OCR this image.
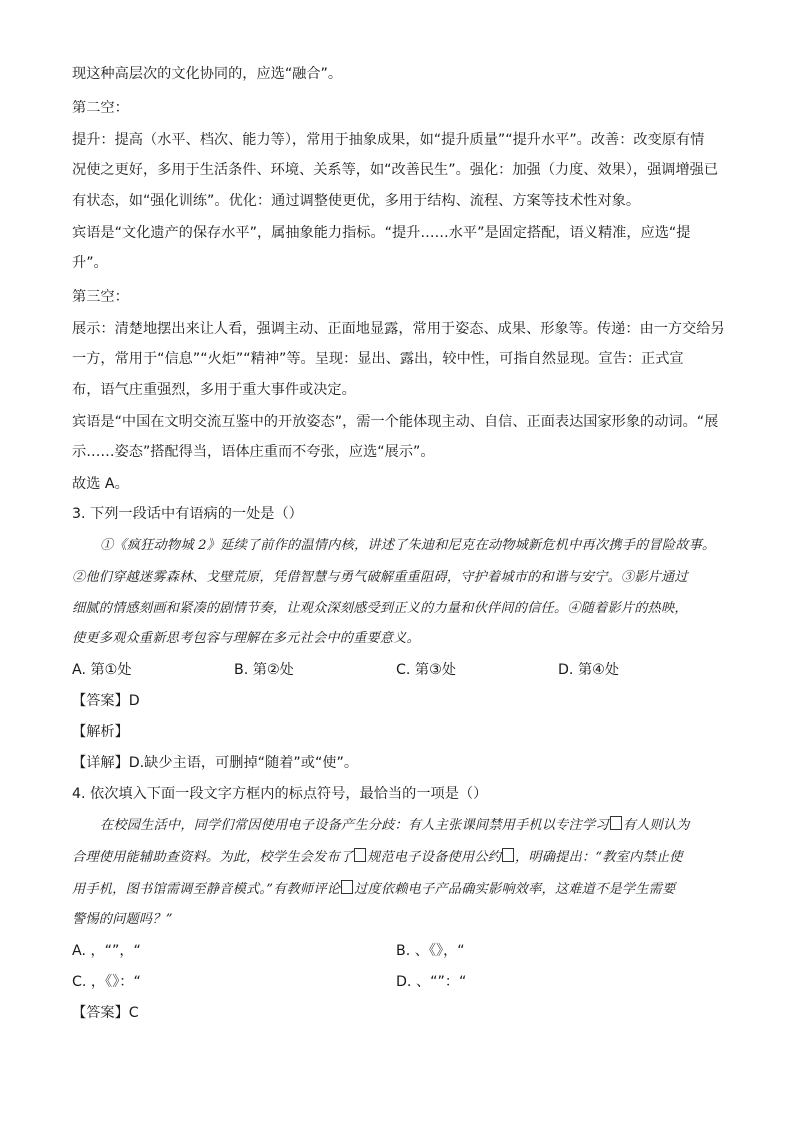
现这种高层次的文化协同的，应选“融合”。
第二空：
提升：提高（水平、档次、能力等），常用于抽象成果，如“提升质量”“提升水平”。改善：改变原有情
况使之更好，多用于生活条件、环境、关系等，如“改善民生”。强化：加强（力度、效果），强调增强已
有状态，如“强化训练”。优化：通过调整使更优，多用于结构、流程、方案等技术性对象。
宾语是“文化遗产的保存水平”，属抽象能力指标。“提升……水平”是固定搭配，语义精准，应选“提
升”。
第三空：
展示：清楚地摆出来让人看，强调主动、正面地显露，常用于姿态、成果、形象等。传递：由一方交给另
一方，常用于“信息”“火炬”“精神”等。呈现：显出、露出，较中性，可指自然显现。宣告：正式宣
布，语气庄重强烈，多用于重大事件或决定。
宾语是“中国在文明交流互鉴中的开放姿态”，需一个能体现主动、自信、正面表达国家形象的动词。“展
示……姿态”搭配得当，语体庄重而不夸张，应选“展示”。
故选 A。
3. 下列一段话中有语病的一处是（）
①《疯狂动物城 2》延续了前作的温情内核，讲述了朱迪和尼克在动物城新危机中再次携手的冒险故事。
②他们穿越迷雾森林、戈壁荒原，凭借智慧与勇气破解重重阻碍，守护着城市的和谐与安宁。③影片通过
细腻的情感刻画和紧凑的剧情节奏，让观众深刻感受到正义的力量和伙伴间的信任。④随着影片的热映，
使更多观众重新思考包容与理解在多元社会中的重要意义。
A. 第①处	B. 第②处	C. 第③处	D. 第④处
【答案】D
【解析】
【详解】D.缺少主语，可删掉“随着”或“使”。
4. 依次填入下面一段文字方框内的标点符号，最恰当的一项是（）
在校园生活中，同学们常因使用电子设备产生分歧：有人主张课间禁用手机以专注学习 有人则认为
合理使用能辅助查资料。为此，校学生会发布了 规范电子设备使用公约 ，明确提出：“教室内禁止使
用手机，图书馆需调至静音模式。”有教师评论 过度依赖电子产品确实影响效率，这难道不是学生需要
警惕的问题吗？”
A. ，“”，“	B. 、《》，“
C. ，《》：“	D. 、“”：“
【答案】C
